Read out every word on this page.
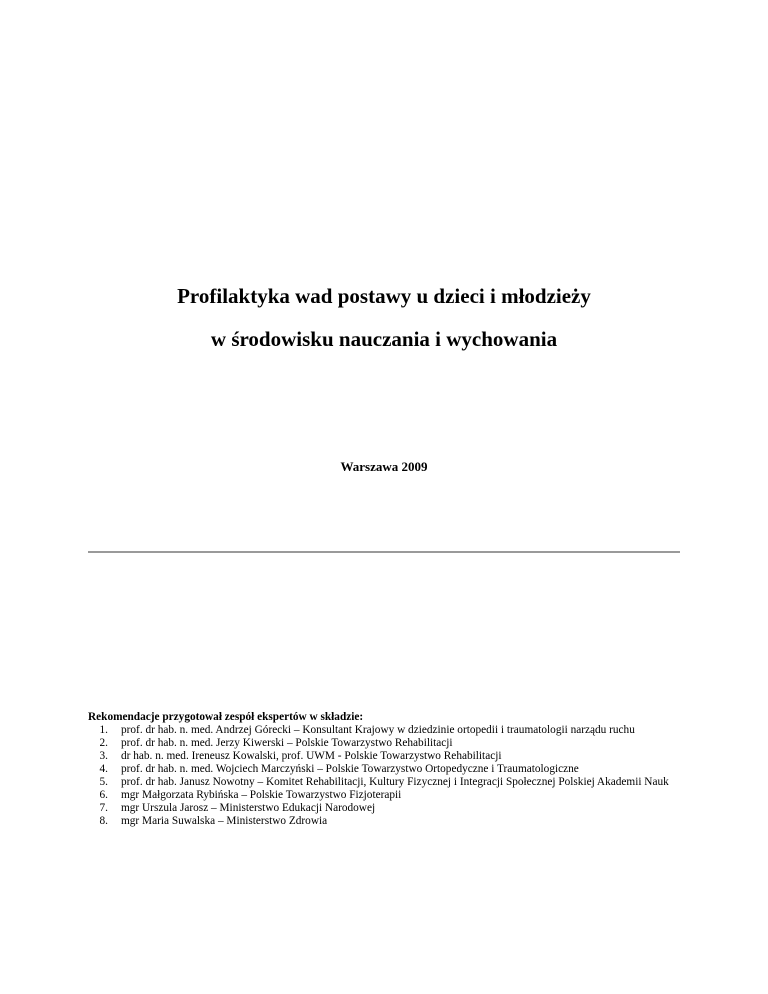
Profilaktyka wad postawy u dzieci i młodzieży
w środowisku nauczania i wychowania
Warszawa 2009

Rekomendacje przygotował zespół ekspertów w składzie:

1. prof. dr hab. n. med. Andrzej Górecki – Konsultant Krajowy w dziedzinie ortopedii i traumatologii narządu ruchu
2. prof. dr hab. n. med. Jerzy Kiwerski – Polskie Towarzystwo Rehabilitacji
3. dr hab. n. med. Ireneusz Kowalski, prof. UWM - Polskie Towarzystwo Rehabilitacji
4. prof. dr hab. n. med. Wojciech Marczyński – Polskie Towarzystwo Ortopedyczne i Traumatologiczne
5. prof. dr hab. Janusz Nowotny – Komitet Rehabilitacji, Kultury Fizycznej i Integracji Społecznej Polskiej Akademii Nauk
6. mgr Małgorzata Rybińska – Polskie Towarzystwo Fizjoterapii
7. mgr Urszula Jarosz – Ministerstwo Edukacji Narodowej
8. mgr Maria Suwalska – Ministerstwo Zdrowia
